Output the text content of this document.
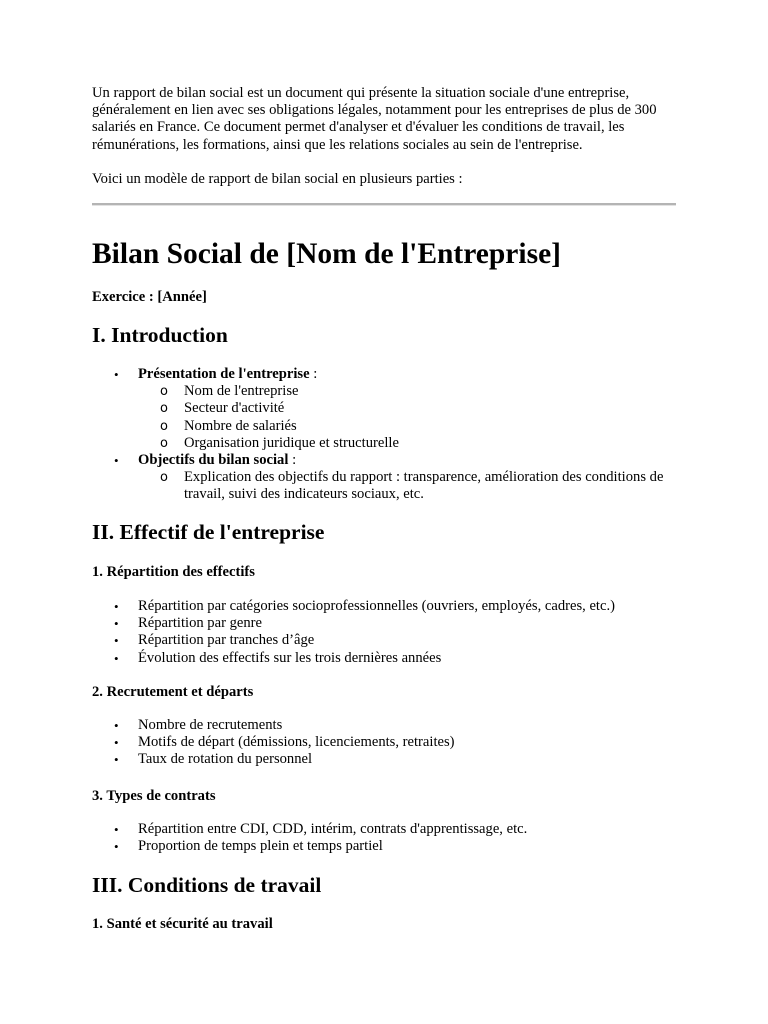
Un rapport de bilan social est un document qui présente la situation sociale d'une entreprise, généralement en lien avec ses obligations légales, notamment pour les entreprises de plus de 300 salariés en France. Ce document permet d'analyser et d'évaluer les conditions de travail, les rémunérations, les formations, ainsi que les relations sociales au sein de l'entreprise.

Voici un modèle de rapport de bilan social en plusieurs parties :

Bilan Social de [Nom de l'Entreprise]

Exercice : [Année]

I. Introduction
• Présentation de l'entreprise :
o Nom de l'entreprise
o Secteur d'activité
o Nombre de salariés
o Organisation juridique et structurelle
• Objectifs du bilan social :
o Explication des objectifs du rapport : transparence, amélioration des conditions de travail, suivi des indicateurs sociaux, etc.
II. Effectif de l'entreprise
1. Répartition des effectifs
• Répartition par catégories socioprofessionnelles (ouvriers, employés, cadres, etc.)
• Répartition par genre
• Répartition par tranches d’âge
• Évolution des effectifs sur les trois dernières années
2. Recrutement et départs
• Nombre de recrutements
• Motifs de départ (démissions, licenciements, retraites)
• Taux de rotation du personnel
3. Types de contrats
• Répartition entre CDI, CDD, intérim, contrats d'apprentissage, etc.
• Proportion de temps plein et temps partiel
III. Conditions de travail
1. Santé et sécurité au travail
